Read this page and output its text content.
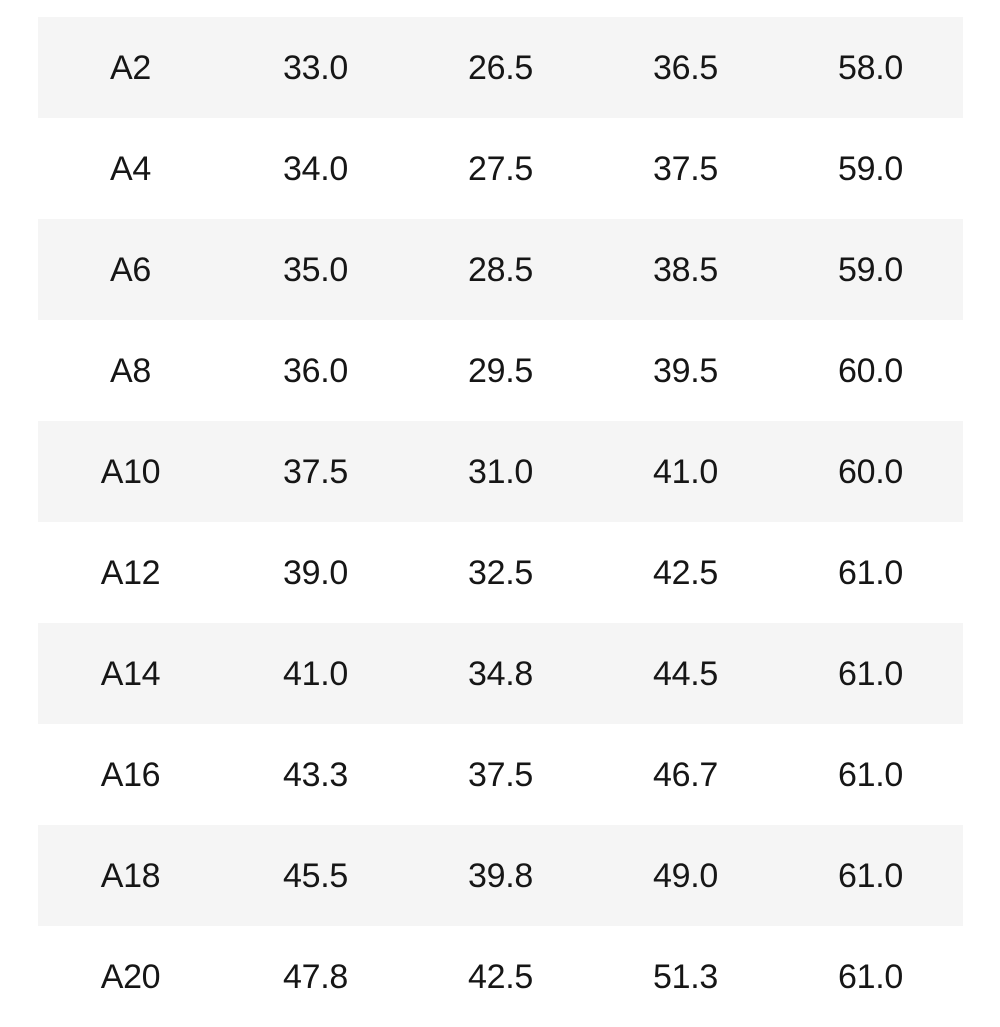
A2	33.0	26.5	36.5	58.0
A4	34.0	27.5	37.5	59.0
A6	35.0	28.5	38.5	59.0
A8	36.0	29.5	39.5	60.0
A10	37.5	31.0	41.0	60.0
A12	39.0	32.5	42.5	61.0
A14	41.0	34.8	44.5	61.0
A16	43.3	37.5	46.7	61.0
A18	45.5	39.8	49.0	61.0
A20	47.8	42.5	51.3	61.0
